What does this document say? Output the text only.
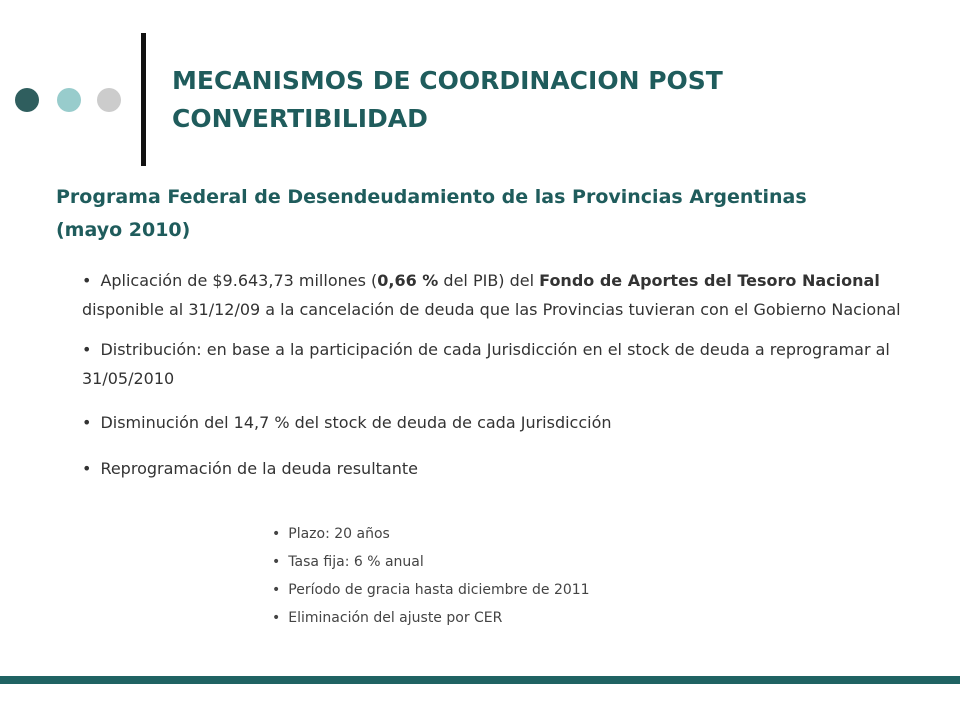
MECANISMOS DE COORDINACION POST
CONVERTIBILIDAD
Programa Federal de Desendeudamiento de las Provincias Argentinas
(mayo 2010)
• Aplicación de $9.643,73 millones (0,66 % del PIB) del Fondo de Aportes del Tesoro Nacional disponible al 31/12/09 a la cancelación de deuda que las Provincias tuvieran con el Gobierno Nacional
• Distribución: en base a la participación de cada Jurisdicción en el stock de deuda a reprogramar al 31/05/2010
• Disminución del 14,7 % del stock de deuda de cada Jurisdicción
• Reprogramación de la deuda resultante
• Plazo: 20 años
• Tasa fija: 6 % anual
• Período de gracia hasta diciembre de 2011
• Eliminación del ajuste por CER
